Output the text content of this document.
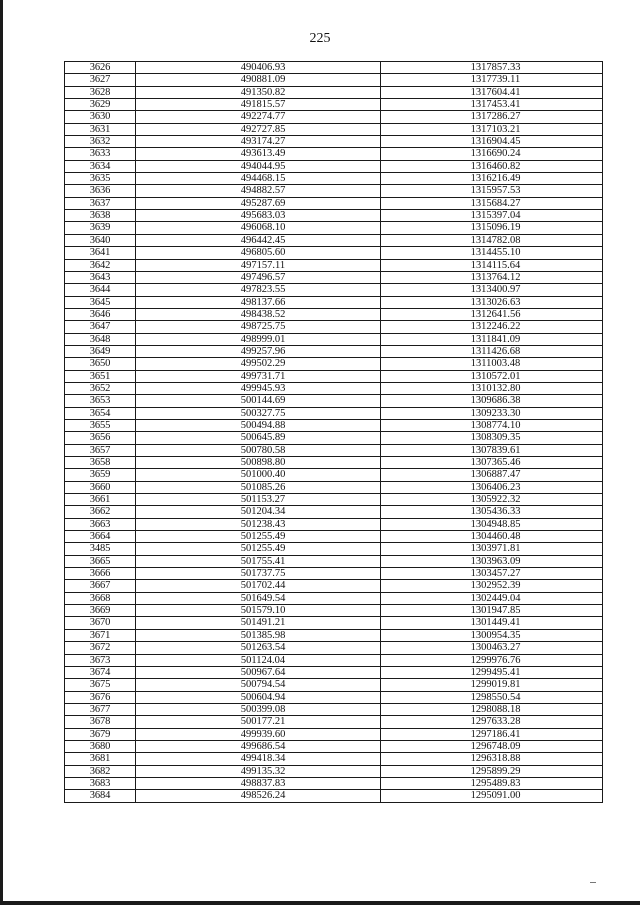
225
3626	490406.93	1317857.33
3627	490881.09	1317739.11
3628	491350.82	1317604.41
3629	491815.57	1317453.41
3630	492274.77	1317286.27
3631	492727.85	1317103.21
3632	493174.27	1316904.45
3633	493613.49	1316690.24
3634	494044.95	1316460.82
3635	494468.15	1316216.49
3636	494882.57	1315957.53
3637	495287.69	1315684.27
3638	495683.03	1315397.04
3639	496068.10	1315096.19
3640	496442.45	1314782.08
3641	496805.60	1314455.10
3642	497157.11	1314115.64
3643	497496.57	1313764.12
3644	497823.55	1313400.97
3645	498137.66	1313026.63
3646	498438.52	1312641.56
3647	498725.75	1312246.22
3648	498999.01	1311841.09
3649	499257.96	1311426.68
3650	499502.29	1311003.48
3651	499731.71	1310572.01
3652	499945.93	1310132.80
3653	500144.69	1309686.38
3654	500327.75	1309233.30
3655	500494.88	1308774.10
3656	500645.89	1308309.35
3657	500780.58	1307839.61
3658	500898.80	1307365.46
3659	501000.40	1306887.47
3660	501085.26	1306406.23
3661	501153.27	1305922.32
3662	501204.34	1305436.33
3663	501238.43	1304948.85
3664	501255.49	1304460.48
3485	501255.49	1303971.81
3665	501755.41	1303963.09
3666	501737.75	1303457.27
3667	501702.44	1302952.39
3668	501649.54	1302449.04
3669	501579.10	1301947.85
3670	501491.21	1301449.41
3671	501385.98	1300954.35
3672	501263.54	1300463.27
3673	501124.04	1299976.76
3674	500967.64	1299495.41
3675	500794.54	1299019.81
3676	500604.94	1298550.54
3677	500399.08	1298088.18
3678	500177.21	1297633.28
3679	499939.60	1297186.41
3680	499686.54	1296748.09
3681	499418.34	1296318.88
3682	499135.32	1295899.29
3683	498837.83	1295489.83
3684	498526.24	1295091.00
